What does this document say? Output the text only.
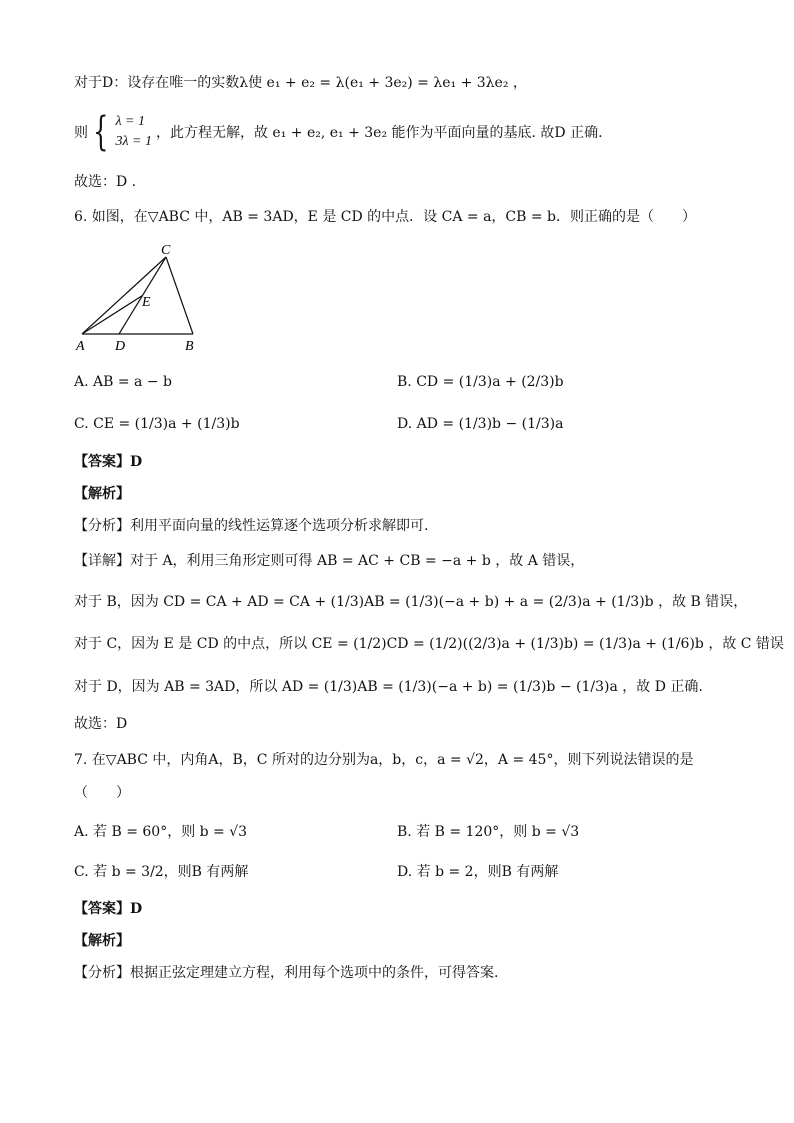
对于D：设存在唯一的实数λ使 e₁ + e₂ = λ(e₁ + 3e₂) = λe₁ + 3λe₂ ，
则 { λ = 1
3λ = 1
，此方程无解，故 e₁ + e₂, e₁ + 3e₂ 能作为平面向量的基底. 故D 正确.
故选：D .
6. 如图，在▽ABC 中，AB = 3AD，E 是 CD 的中点．设 CA = a，CB = b．则正确的是（　　）
C
E
A D	B
A. AB = a − b	B. CD = (1/3)a + (2/3)b
C. CE = (1/3)a + (1/3)b	D. AD = (1/3)b − (1/3)a
【答案】D
【解析】
【分析】利用平面向量的线性运算逐个选项分析求解即可.
【详解】对于 A，利用三角形定则可得 AB = AC + CB = −a + b ，故 A 错误，
对于 B，因为 CD = CA + AD = CA + (1/3)AB = (1/3)(−a + b) + a = (2/3)a + (1/3)b ，故 B 错误，
对于 C，因为 E 是 CD 的中点，所以 CE = (1/2)CD = (1/2)((2/3)a + (1/3)b) = (1/3)a + (1/6)b ，故 C 错误
对于 D，因为 AB = 3AD，所以 AD = (1/3)AB = (1/3)(−a + b) = (1/3)b − (1/3)a ，故 D 正确.
故选：D
7. 在▽ABC 中，内角A，B，C 所对的边分别为a，b，c，a = √2，A = 45°，则下列说法错误的是
（　　）
A. 若 B = 60°，则 b = √3	B. 若 B = 120°，则 b = √3
C. 若 b = 3/2，则B 有两解	D. 若 b = 2，则B 有两解
【答案】D
【解析】
【分析】根据正弦定理建立方程，利用每个选项中的条件，可得答案.
